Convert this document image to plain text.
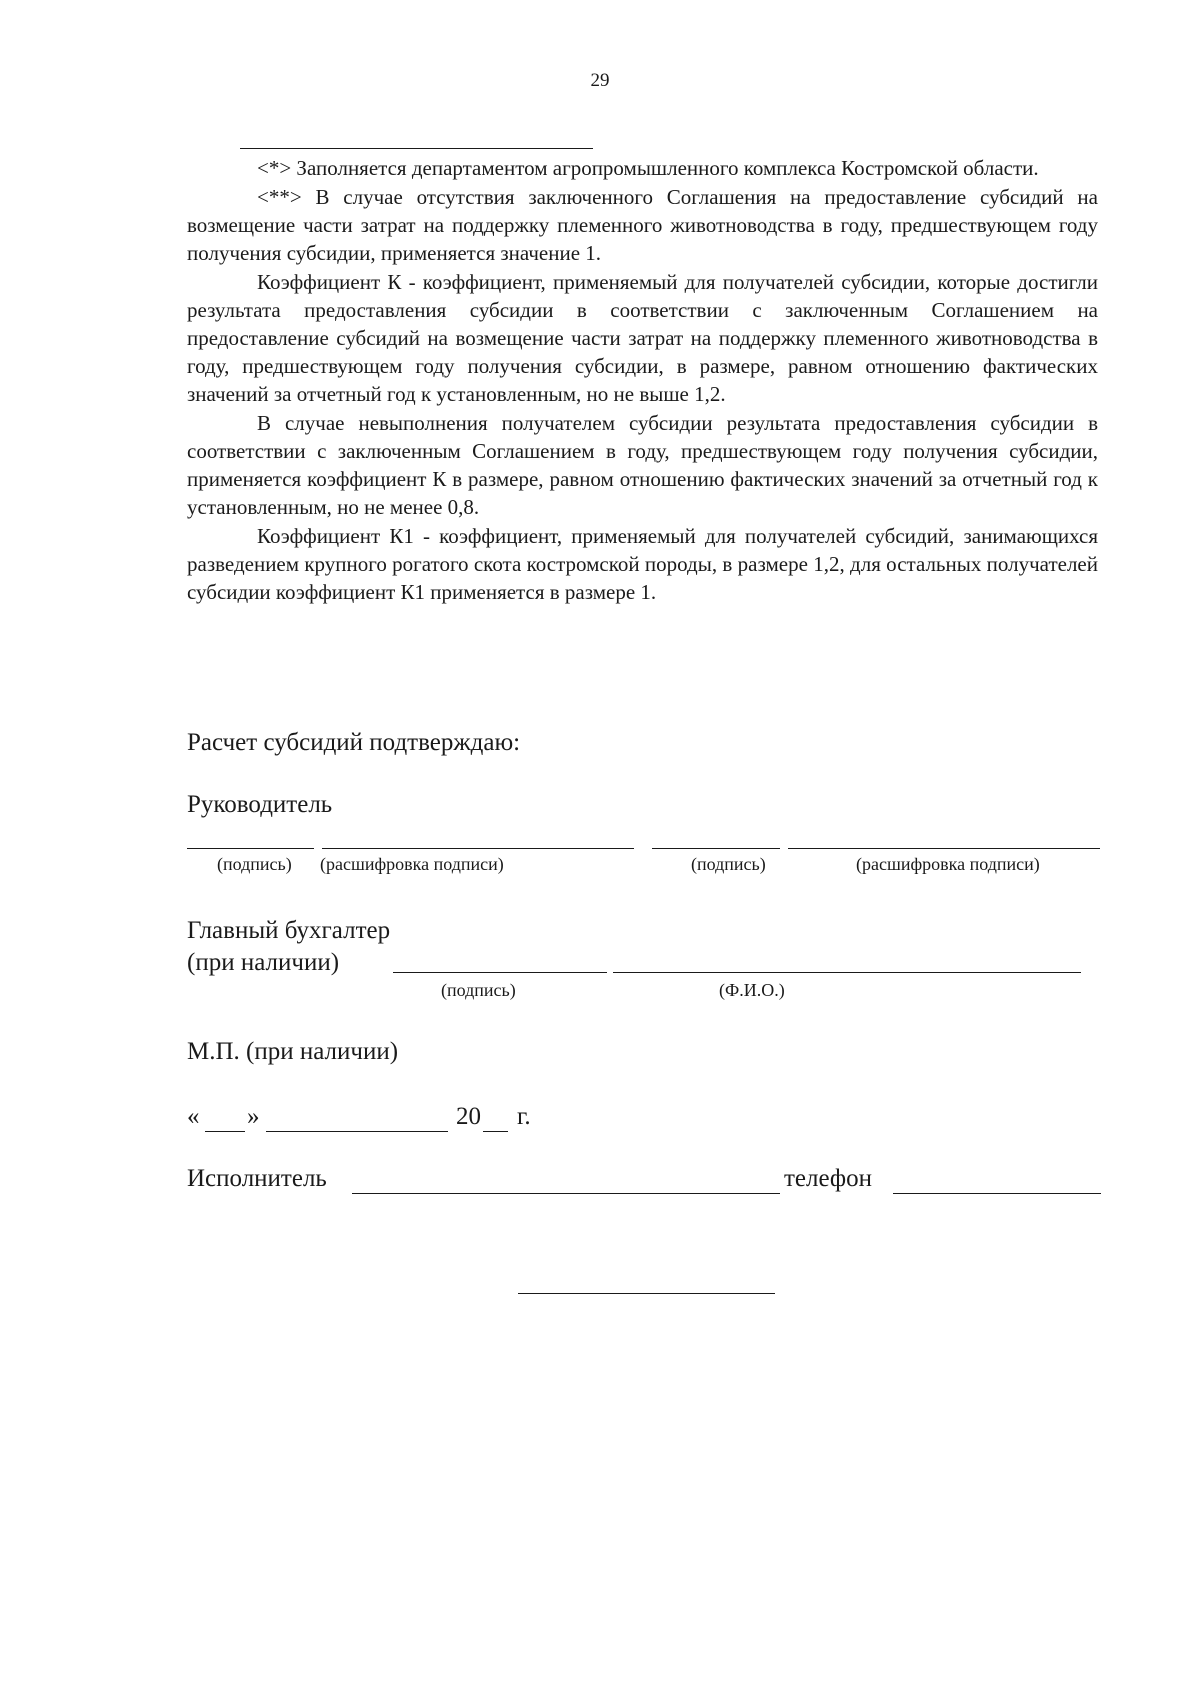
29

<*> Заполняется департаментом агропромышленного комплекса Костромской области.

<**> В случае отсутствия заключенного Соглашения на предоставление субсидий на возмещение части затрат на поддержку племенного животноводства в году, предшествующем году получения субсидии, применяется значение 1.

Коэффициент К - коэффициент, применяемый для получателей субсидии, которые достигли результата предоставления субсидии в соответствии с заключенным Соглашением на предоставление субсидий на возмещение части затрат на поддержку племенного животноводства в году, предшествующем году получения субсидии, в размере, равном отношению фактических значений за отчетный год к установленным, но не выше 1,2.

В случае невыполнения получателем субсидии результата предоставления субсидии в соответствии с заключенным Соглашением в году, предшествующем году получения субсидии, применяется коэффициент К в размере, равном отношению фактических значений за отчетный год к установленным, но не менее 0,8.

Коэффициент К1 - коэффициент, применяемый для получателей субсидий, занимающихся разведением крупного рогатого скота костромской породы, в размере 1,2, для остальных получателей субсидии коэффициент К1 применяется в размере 1.

Расчет субсидий подтверждаю:
Руководитель
(подпись) (расшифровка подписи)	(подпись)	(расшифровка подписи)
Главный бухгалтер
(при наличии)
(подпись)	(Ф.И.О.)
М.П. (при наличии)
« »	20 г.
Исполнитель	телефон
